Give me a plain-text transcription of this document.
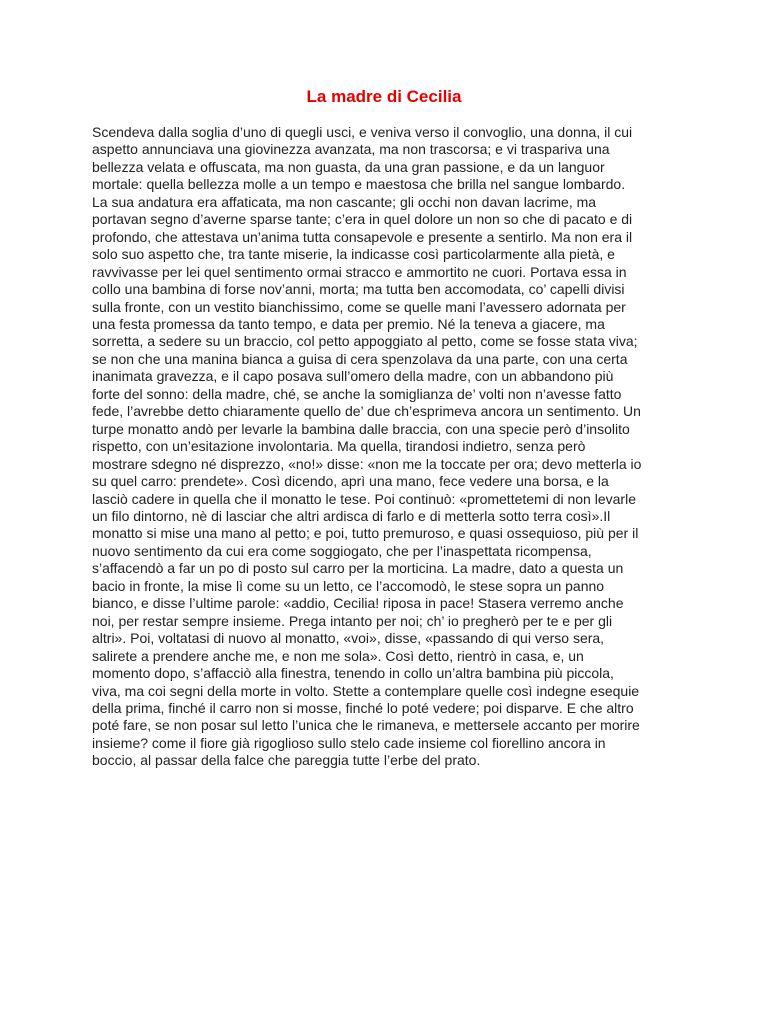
La madre di Cecilia
Scendeva dalla soglia d’uno di quegli usci, e veniva verso il convoglio, una donna, il cui
aspetto annunciava una giovinezza avanzata, ma non trascorsa; e vi traspariva una
bellezza velata e offuscata, ma non guasta, da una gran passione, e da un languor
mortale: quella bellezza molle a un tempo e maestosa che brilla nel sangue lombardo.
La sua andatura era affaticata, ma non cascante; gli occhi non davan lacrime, ma
portavan segno d’averne sparse tante; c’era in quel dolore un non so che di pacato e di
profondo, che attestava un’anima tutta consapevole e presente a sentirlo. Ma non era il
solo suo aspetto che, tra tante miserie, la indicasse così particolarmente alla pietà, e
ravvivasse per lei quel sentimento ormai stracco e ammortito ne cuori. Portava essa in
collo una bambina di forse nov’anni, morta; ma tutta ben accomodata, co’ capelli divisi
sulla fronte, con un vestito bianchissimo, come se quelle mani l’avessero adornata per
una festa promessa da tanto tempo, e data per premio. Né la teneva a giacere, ma
sorretta, a sedere su un braccio, col petto appoggiato al petto, come se fosse stata viva;
se non che una manina bianca a guisa di cera spenzolava da una parte, con una certa
inanimata gravezza, e il capo posava sull’omero della madre, con un abbandono più
forte del sonno: della madre, ché, se anche la somiglianza de’ volti non n’avesse fatto
fede, l’avrebbe detto chiaramente quello de’ due ch’esprimeva ancora un sentimento. Un
turpe monatto andò per levarle la bambina dalle braccia, con una specie però d’insolito
rispetto, con un’esitazione involontaria. Ma quella, tirandosi indietro, senza però
mostrare sdegno né disprezzo, «no!» disse: «non me la toccate per ora; devo metterla io
su quel carro: prendete». Così dicendo, aprì una mano, fece vedere una borsa, e la
lasciò cadere in quella che il monatto le tese. Poi continuò: «promettetemi di non levarle
un filo dintorno, nè di lasciar che altri ardisca di farlo e di metterla sotto terra così».Il
monatto si mise una mano al petto; e poi, tutto premuroso, e quasi ossequioso, più per il
nuovo sentimento da cui era come soggiogato, che per l’inaspettata ricompensa,
s’affacendò a far un po di posto sul carro per la morticina. La madre, dato a questa un
bacio in fronte, la mise lì come su un letto, ce l’accomodò, le stese sopra un panno
bianco, e disse l’ultime parole: «addio, Cecilia! riposa in pace! Stasera verremo anche
noi, per restar sempre insieme. Prega intanto per noi; ch’ io pregherò per te e per gli
altri». Poi, voltatasi di nuovo al monatto, «voi», disse, «passando di qui verso sera,
salirete a prendere anche me, e non me sola». Così detto, rientrò in casa, e, un
momento dopo, s’affacciò alla finestra, tenendo in collo un’altra bambina più piccola,
viva, ma coi segni della morte in volto. Stette a contemplare quelle così indegne esequie
della prima, finché il carro non si mosse, finché lo poté vedere; poi disparve. E che altro
poté fare, se non posar sul letto l’unica che le rimaneva, e mettersele accanto per morire
insieme? come il fiore già rigoglioso sullo stelo cade insieme col fiorellino ancora in
boccio, al passar della falce che pareggia tutte l’erbe del prato.
